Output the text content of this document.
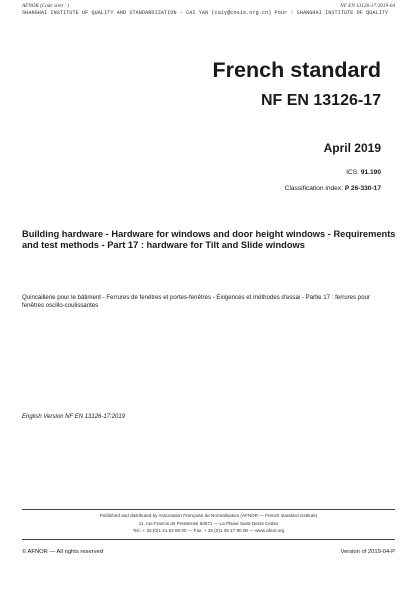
AFNOR (Code siret : )	NF EN 13126-17:2019-04
SHANGHAI INSTITUTE OF QUALITY AND STANDARDIZATION - CAI YAN (caiy@cnsis.org.cn) Pour : SHANGHAI INSTITUTE OF QUALITY
French standard
NF EN 13126-17
April 2019
ICS: 91.190
Classification index: P 26-330-17
Building hardware - Hardware for windows and door height windows - Requirements and test methods - Part 17 : hardware for Tilt and Slide windows
Quincaillerie pour le bâtiment - Ferrures de fenêtres et portes-fenêtres - Exigences et méthodes d'essai - Partie 17 : ferrures pour fenêtres oscillo-coulissantes
English Version NF EN 13126-17:2019
Published and distributed by Association Française de Normalisation (AFNOR — French standard institute)
11, rue Francis de Pressensé 93571 — La Plaine Saint-Denis Cedex
Tel.: + 33 (0)1 41 62 80 00 — Fax: + 33 (0)1 49 17 90 00 — www.afnor.org
© AFNOR — All rights reserved	Version of 2019-04-P
